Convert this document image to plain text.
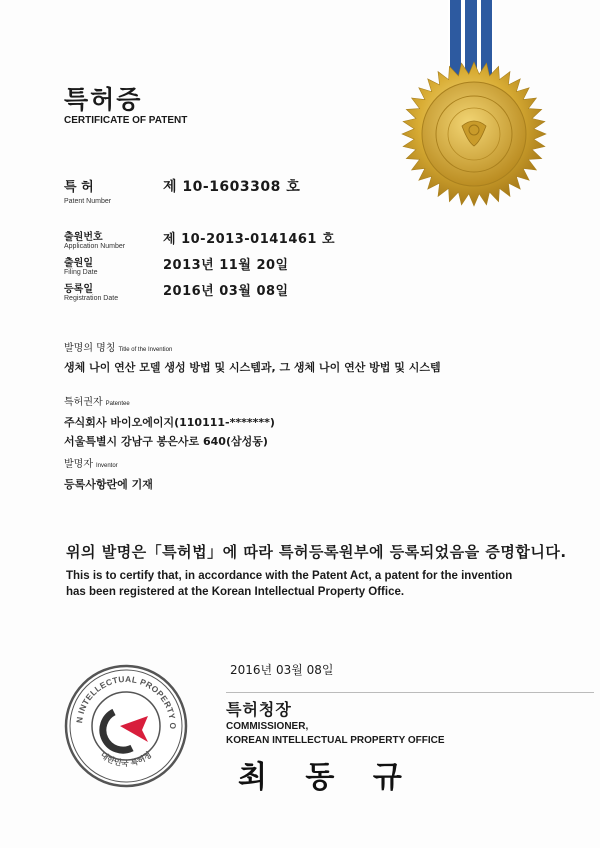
특허증
CERTIFICATE OF PATENT
특 허
Patent Number
제 10-1603308 호
출원번호
Application Number	제 10-2013-0141461 호
출원일
Filing Date	2013년 11월 20일
등록일
Registration Date	2016년 03월 08일
발명의 명칭 Title of the Invention
생체 나이 연산 모델 생성 방법 및 시스템과, 그 생체 나이 연산 방법 및 시스템
특허권자 Patentee
주식회사 바이오에이지(110111-*******)
서울특별시 강남구 봉은사로 640(삼성동)
발명자 Inventor
등록사항란에 기재
위의 발명은「특허법」에 따라 특허등록원부에 등록되었음을 증명합니다.
This is to certify that, in accordance with the Patent Act, a patent for the invention
has been registered at the Korean Intellectual Property Office.
2016년 03월 08일
N INTELLECTUAL PROPERTY O
대한민국 특허청
특허청장
COMMISSIONER,
KOREAN INTELLECTUAL PROPERTY OFFICE
최 동 규
